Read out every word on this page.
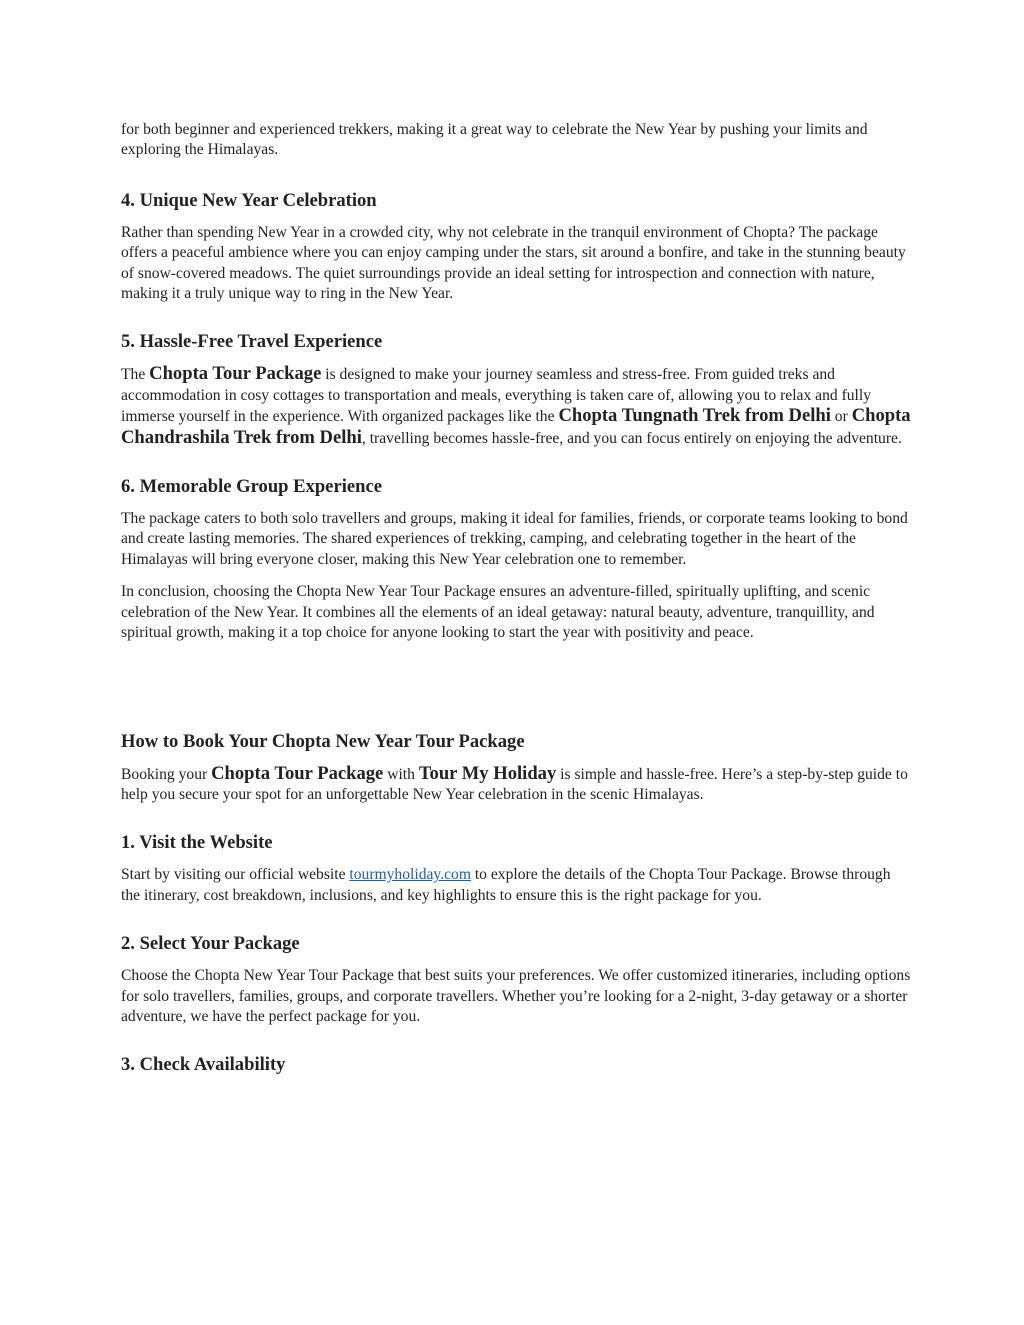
for both beginner and experienced trekkers, making it a great way to celebrate the New Year by pushing your limits and exploring the Himalayas.

4. Unique New Year Celebration

Rather than spending New Year in a crowded city, why not celebrate in the tranquil environment of Chopta? The package offers a peaceful ambience where you can enjoy camping under the stars, sit around a bonfire, and take in the stunning beauty of snow-covered meadows. The quiet surroundings provide an ideal setting for introspection and connection with nature, making it a truly unique way to ring in the New Year.

5. Hassle-Free Travel Experience

The Chopta Tour Package is designed to make your journey seamless and stress-free. From guided treks and accommodation in cosy cottages to transportation and meals, everything is taken care of, allowing you to relax and fully immerse yourself in the experience. With organized packages like the Chopta Tungnath Trek from Delhi or Chopta Chandrashila Trek from Delhi, travelling becomes hassle-free, and you can focus entirely on enjoying the adventure.

6. Memorable Group Experience

The package caters to both solo travellers and groups, making it ideal for families, friends, or corporate teams looking to bond and create lasting memories. The shared experiences of trekking, camping, and celebrating together in the heart of the Himalayas will bring everyone closer, making this New Year celebration one to remember.

In conclusion, choosing the Chopta New Year Tour Package ensures an adventure-filled, spiritually uplifting, and scenic celebration of the New Year. It combines all the elements of an ideal getaway: natural beauty, adventure, tranquillity, and spiritual growth, making it a top choice for anyone looking to start the year with positivity and peace.

How to Book Your Chopta New Year Tour Package

Booking your Chopta Tour Package with Tour My Holiday is simple and hassle-free. Here’s a step-by-step guide to help you secure your spot for an unforgettable New Year celebration in the scenic Himalayas.

1. Visit the Website

Start by visiting our official website tourmyholiday.com to explore the details of the Chopta Tour Package. Browse through the itinerary, cost breakdown, inclusions, and key highlights to ensure this is the right package for you.

2. Select Your Package

Choose the Chopta New Year Tour Package that best suits your preferences. We offer customized itineraries, including options for solo travellers, families, groups, and corporate travellers. Whether you’re looking for a 2-night, 3-day getaway or a shorter adventure, we have the perfect package for you.

3. Check Availability
